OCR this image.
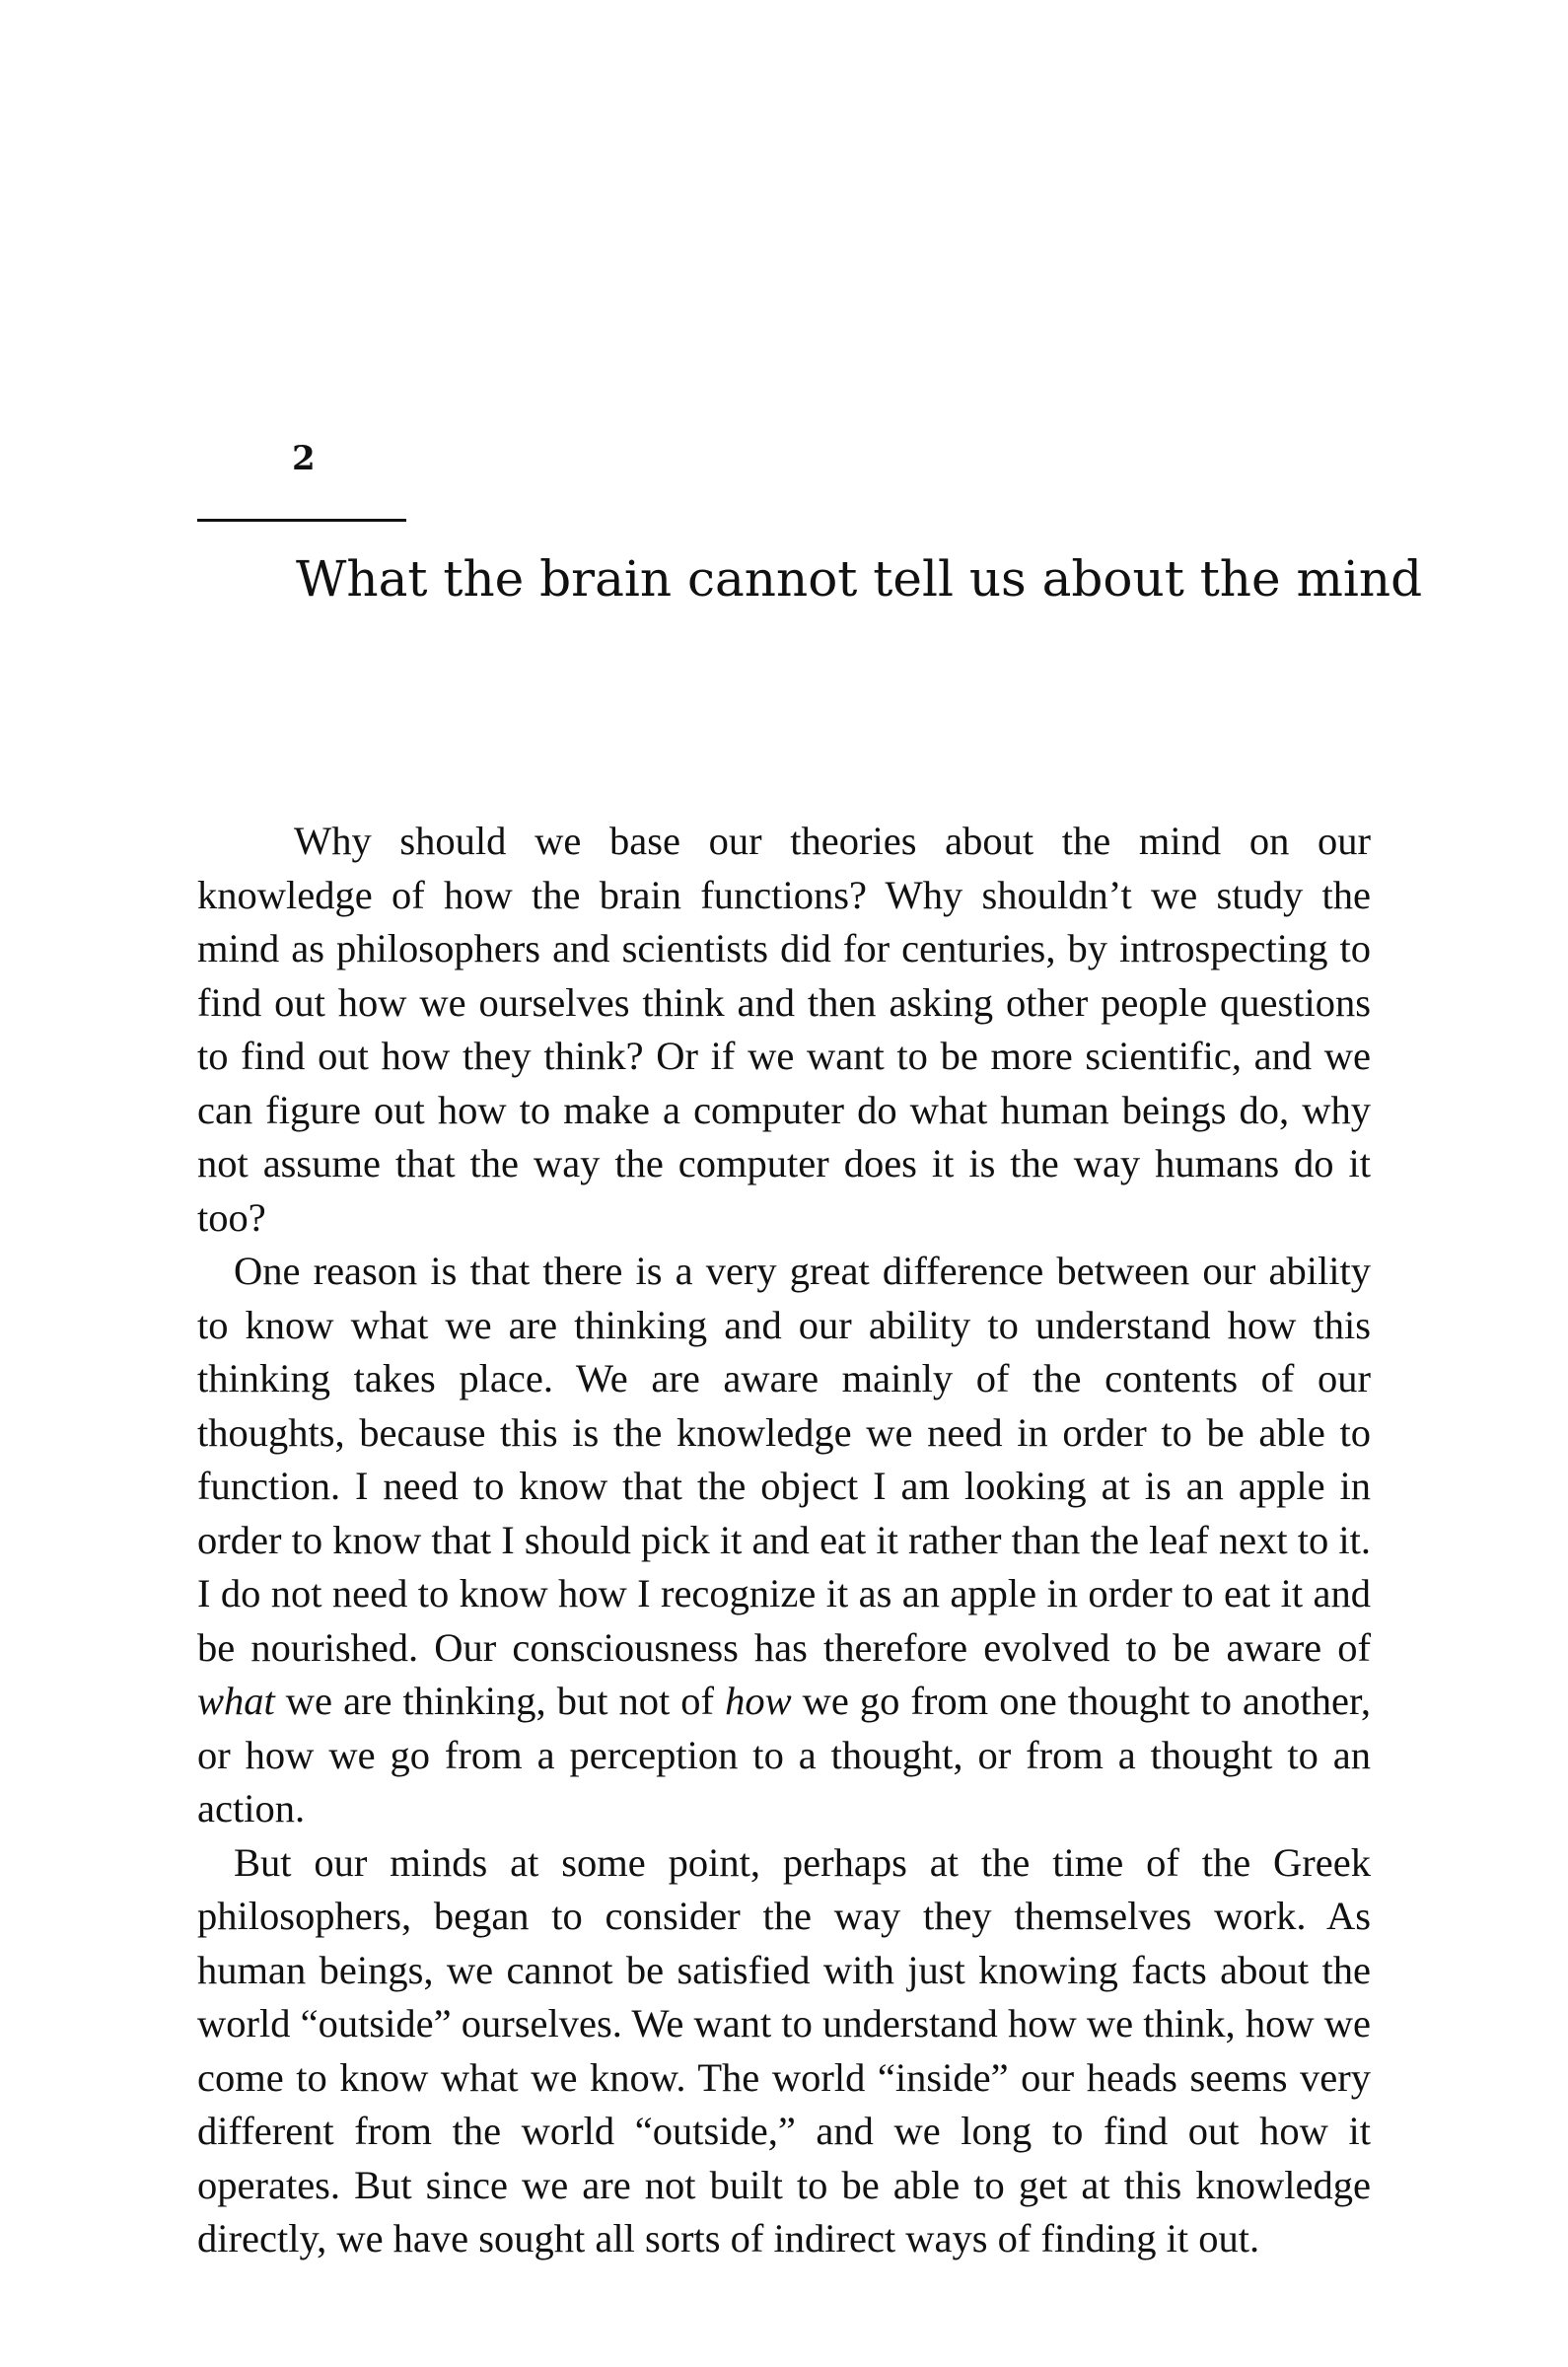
2
What the brain cannot tell us about the mind

Why should we base our theories about the mind on our knowledge of how the brain functions? Why shouldn’t we study the mind as philosophers and scientists did for centuries, by introspecting to find out how we ourselves think and then asking other people questions to find out how they think? Or if we want to be more scientific, and we can figure out how to make a computer do what human beings do, why not assume that the way the computer does it is the way humans do it too?

One reason is that there is a very great difference between our ability to know what we are thinking and our ability to understand how this thinking takes place. We are aware mainly of the contents of our thoughts, because this is the knowledge we need in order to be able to function. I need to know that the object I am looking at is an apple in order to know that I should pick it and eat it rather than the leaf next to it. I do not need to know how I recognize it as an apple in order to eat it and be nourished. Our consciousness has therefore evolved to be aware of what we are thinking, but not of how we go from one thought to another, or how we go from a perception to a thought, or from a thought to an action.

But our minds at some point, perhaps at the time of the Greek philosophers, began to consider the way they themselves work. As human beings, we cannot be satisfied with just knowing facts about the world “outside” ourselves. We want to understand how we think, how we come to know what we know. The world “inside” our heads seems very different from the world “outside,” and we long to find out how it operates. But since we are not built to be able to get at this knowledge directly, we have sought all sorts of indirect ways of finding it out.
